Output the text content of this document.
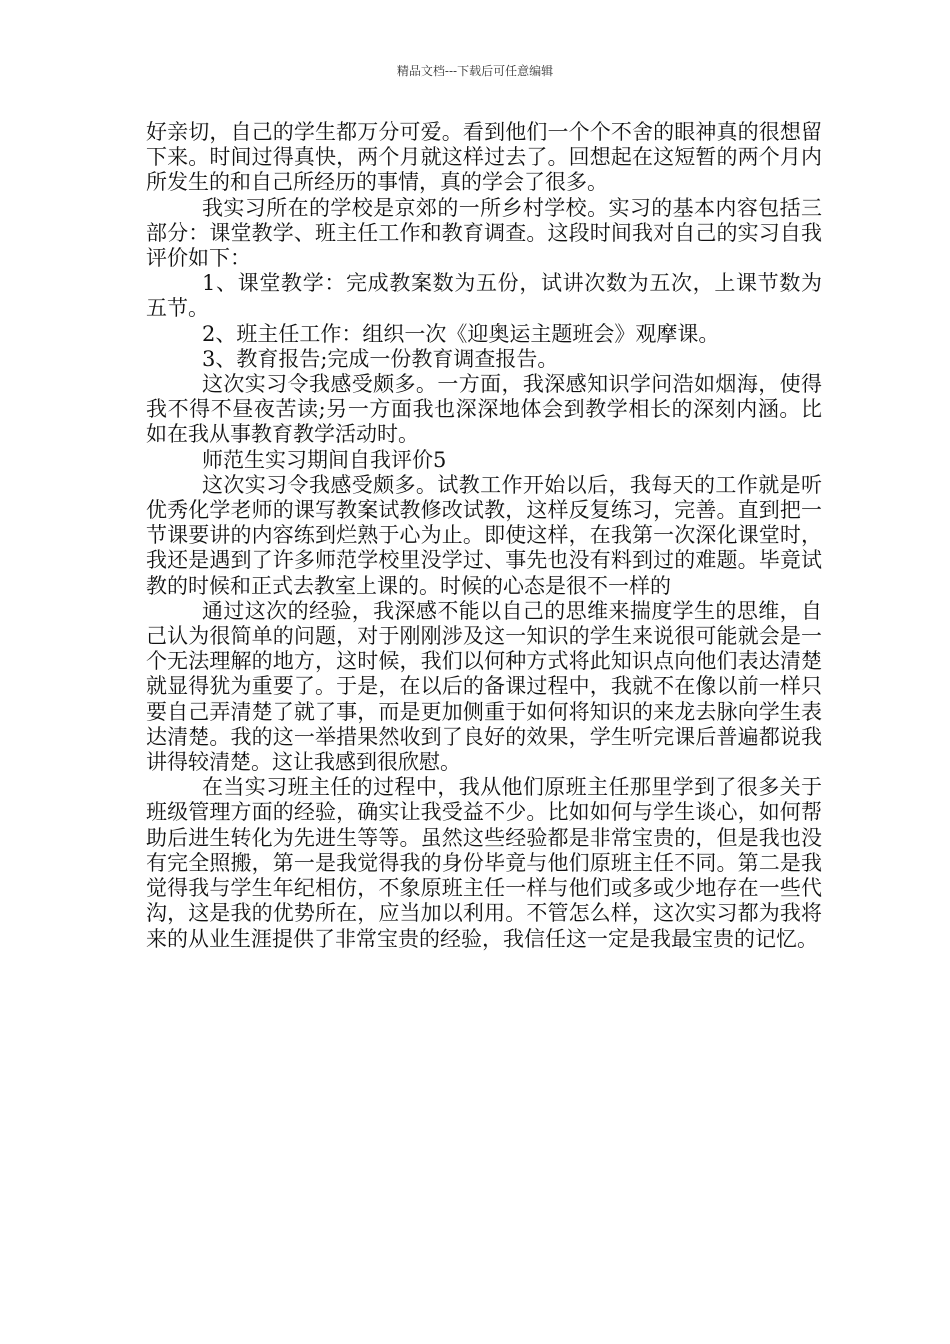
精品文档---下载后可任意编辑

好亲切，自己的学生都万分可爱。看到他们一个个不舍的眼神真的很想留下来。时间过得真快，两个月就这样过去了。回想起在这短暂的两个月内所发生的和自己所经历的事情，真的学会了很多。

我实习所在的学校是京郊的一所乡村学校。实习的基本内容包括三部分：课堂教学、班主任工作和教育调查。这段时间我对自己的实习自我评价如下：

1、课堂教学：完成教案数为五份，试讲次数为五次，上课节数为五节。

2、班主任工作：组织一次《迎奥运主题班会》观摩课。

3、教育报告;完成一份教育调查报告。

这次实习令我感受颇多。一方面，我深感知识学问浩如烟海，使得我不得不昼夜苦读;另一方面我也深深地体会到教学相长的深刻内涵。比如在我从事教育教学活动时。

师范生实习期间自我评价5

这次实习令我感受颇多。试教工作开始以后，我每天的工作就是听优秀化学老师的课写教案试教修改试教，这样反复练习，完善。直到把一节课要讲的内容练到烂熟于心为止。即使这样，在我第一次深化课堂时，我还是遇到了许多师范学校里没学过、事先也没有料到过的难题。毕竟试教的时候和正式去教室上课的。时候的心态是很不一样的

通过这次的经验，我深感不能以自己的思维来揣度学生的思维，自己认为很简单的问题，对于刚刚涉及这一知识的学生来说很可能就会是一个无法理解的地方，这时候，我们以何种方式将此知识点向他们表达清楚就显得犹为重要了。于是，在以后的备课过程中，我就不在像以前一样只要自己弄清楚了就了事，而是更加侧重于如何将知识的来龙去脉向学生表达清楚。我的这一举措果然收到了良好的效果，学生听完课后普遍都说我讲得较清楚。这让我感到很欣慰。

在当实习班主任的过程中，我从他们原班主任那里学到了很多关于班级管理方面的经验，确实让我受益不少。比如如何与学生谈心，如何帮助后进生转化为先进生等等。虽然这些经验都是非常宝贵的，但是我也没有完全照搬，第一是我觉得我的身份毕竟与他们原班主任不同。第二是我觉得我与学生年纪相仿，不象原班主任一样与他们或多或少地存在一些代沟，这是我的优势所在，应当加以利用。不管怎么样，这次实习都为我将来的从业生涯提供了非常宝贵的经验，我信任这一定是我最宝贵的记忆。
